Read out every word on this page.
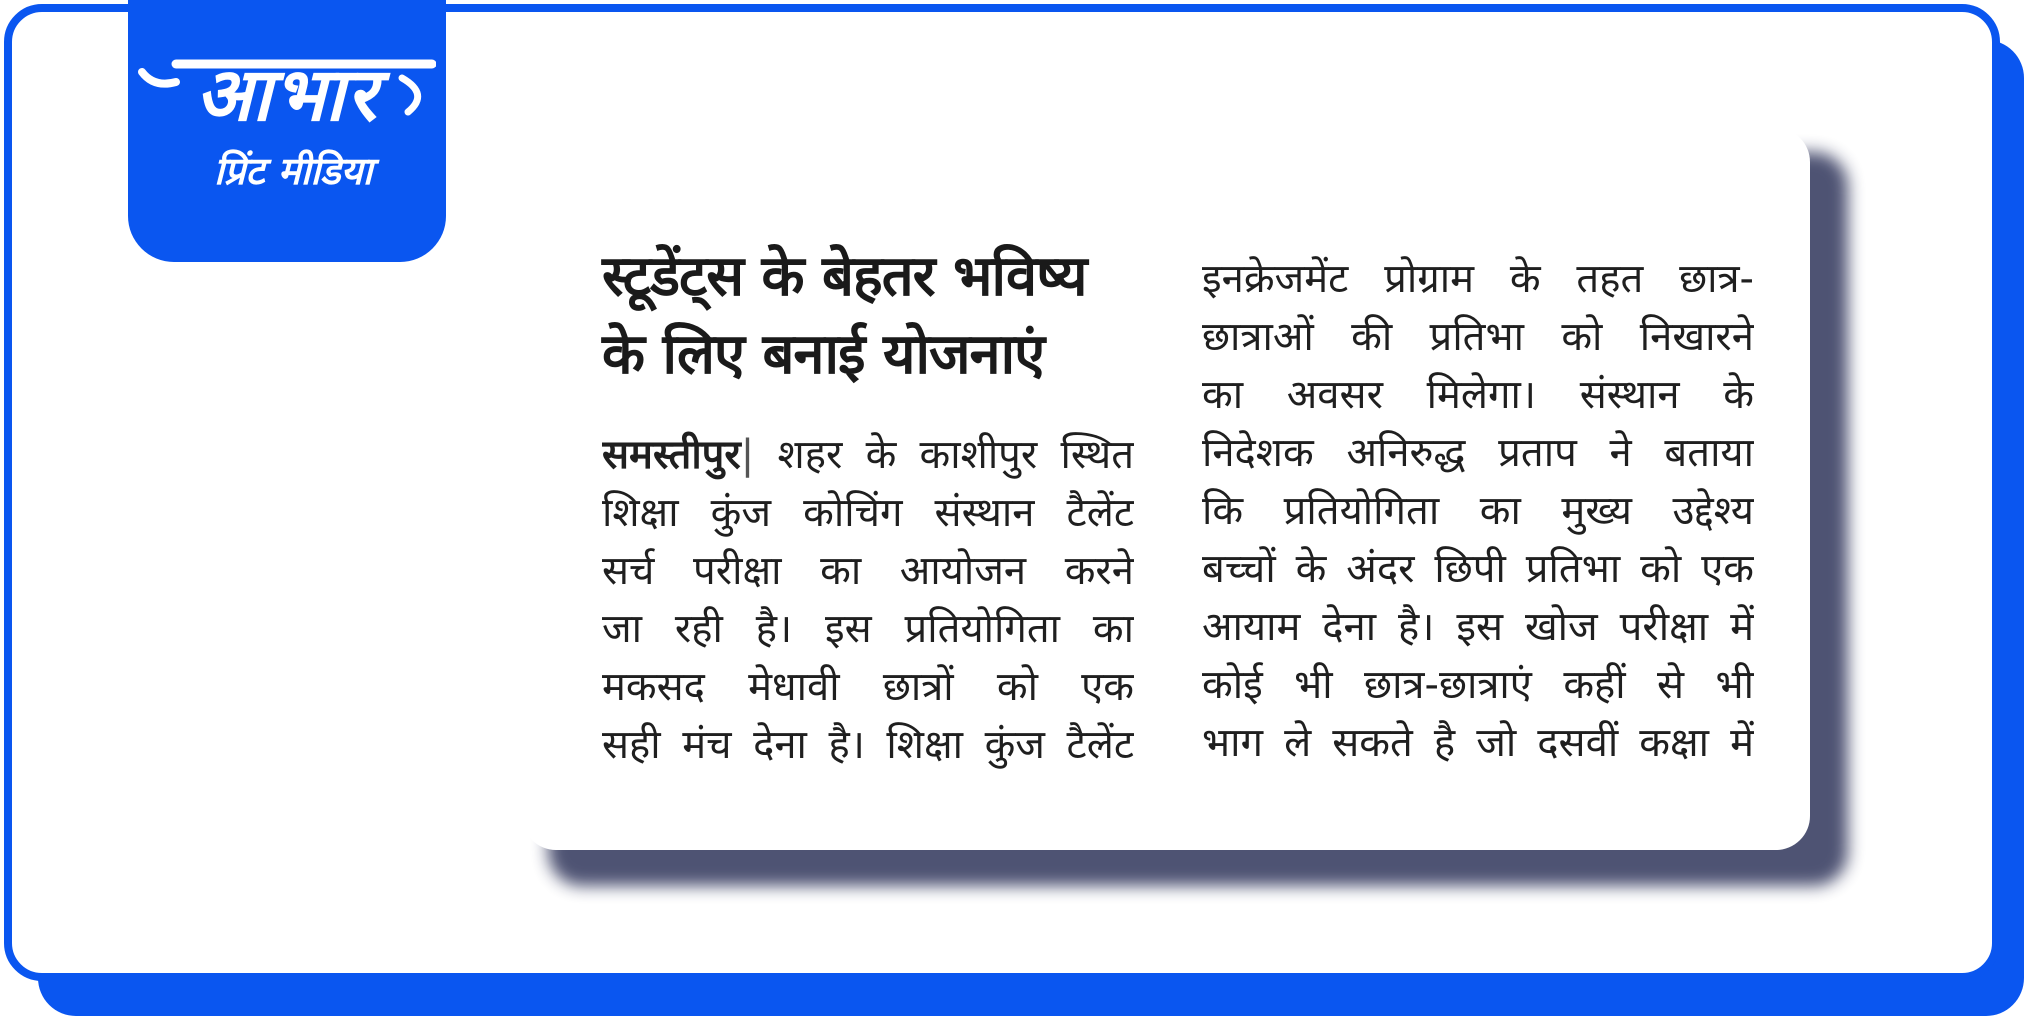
आभार
प्रिंट मीडिया
स्टूडेंट्स के बेहतर भविष्य
के लिए बनाई योजनाएं
समस्तीपुर| शहर के काशीपुर स्थित
शिक्षा कुंज कोचिंग संस्थान टैलेंट
सर्च परीक्षा का आयोजन करने
जा रही है। इस प्रतियोगिता का
मकसद मेधावी छात्रों को एक
सही मंच देना है। शिक्षा कुंज टैलेंट
इनक्रेजमेंट प्रोग्राम के तहत छात्र-
छात्राओं की प्रतिभा को निखारने
का अवसर मिलेगा। संस्थान के
निदेशक अनिरुद्ध प्रताप ने बताया
कि प्रतियोगिता का मुख्य उद्देश्य
बच्चों के अंदर छिपी प्रतिभा को एक
आयाम देना है। इस खोज परीक्षा में
कोई भी छात्र-छात्राएं कहीं से भी
भाग ले सकते है जो दसवीं कक्षा में
